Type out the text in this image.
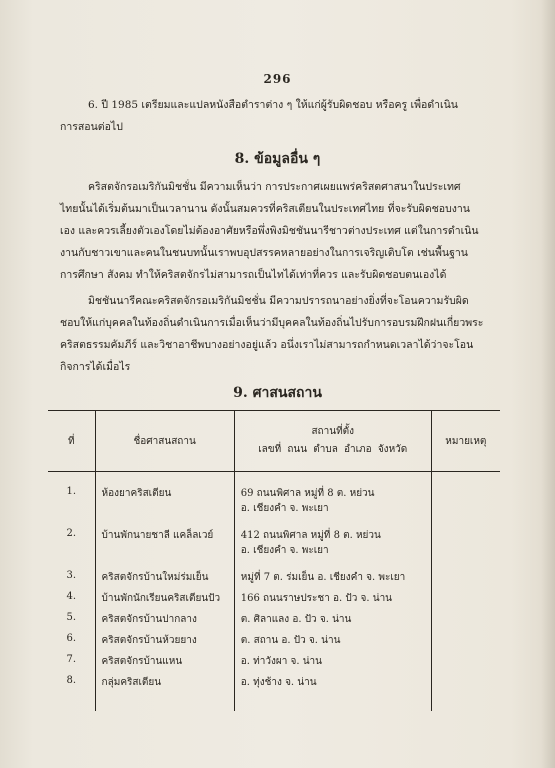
296
6. ปี 1985 เตรียมและแปลหนังสือตำราต่าง ๆ ให้แก่ผู้รับผิดชอบ หรือครู เพื่อดำเนิน
การสอนต่อไป
8. ข้อมูลอื่น ๆ
คริสตจักรอเมริกันมิชชั่น มีความเห็นว่า การประกาศเผยแพร่คริสตศาสนาในประเทศ
ไทยนั้นได้เริ่มต้นมาเป็นเวลานาน ดังนั้นสมควรที่คริสเตียนในประเทศไทย ที่จะรับผิดชอบงาน
เอง และควรเลี้ยงตัวเองโดยไม่ต้องอาศัยหรือพึ่งพิงมิชชันนารีชาวต่างประเทศ แต่ในการดำเนิน
งานกับชาวเขาและคนในชนบทนั้นเราพบอุปสรรคหลายอย่างในการเจริญเติบโต เช่นพื้นฐาน
การศึกษา สังคม ทำให้คริสตจักรไม่สามารถเป็นไทได้เท่าที่ควร และรับผิดชอบตนเองได้
มิชชันนารีคณะคริสตจักรอเมริกันมิชชั่น มีความปรารถนาอย่างยิ่งที่จะโอนความรับผิด
ชอบให้แก่บุคคลในท้องถิ่นดำเนินการเมื่อเห็นว่ามีบุคคลในท้องถิ่นไปรับการอบรมฝึกฝนเกี่ยวพระ
คริสตธรรมคัมภีร์ และวิชาอาชีพบางอย่างอยู่แล้ว อนึ่งเราไม่สามารถกำหนดเวลาได้ว่าจะโอน
กิจการได้เมื่อไร
9. ศาสนสถาน
ที่	ชื่อศาสนสถาน	สถานที่ตั้ง
เลขที่ ถนน ตำบล อำเภอ จังหวัด	หมายเหตุ

1.	ห้องยาคริสเตียน	69 ถนนพิศาล หมู่ที่ 8 ต. หย่วน
อ. เชียงคำ จ. พะเยา	

2.	บ้านพักนายชาลี แคล็ลเวย์	412 ถนนพิศาล หมู่ที่ 8 ต. หย่วน
อ. เชียงคำ จ. พะเยา	

3.	คริสตจักรบ้านใหม่ร่มเย็น	หมู่ที่ 7 ต. ร่มเย็น อ. เชียงคำ จ. พะเยา	
4.	บ้านพักนักเรียนคริสเตียนปัว	166 ถนนราษประชา อ. ปัว จ. น่าน	
5.	คริสตจักรบ้านปากลาง	ต. ศิลาแลง อ. ปัว จ. น่าน	
6.	คริสตจักรบ้านห้วยยาง	ต. สถาน อ. ปัว จ. น่าน	
7.	คริสตจักรบ้านแหน	อ. ท่าวังผา จ. น่าน	
8.	กลุ่มคริสเตียน	อ. ทุ่งช้าง จ. น่าน	
